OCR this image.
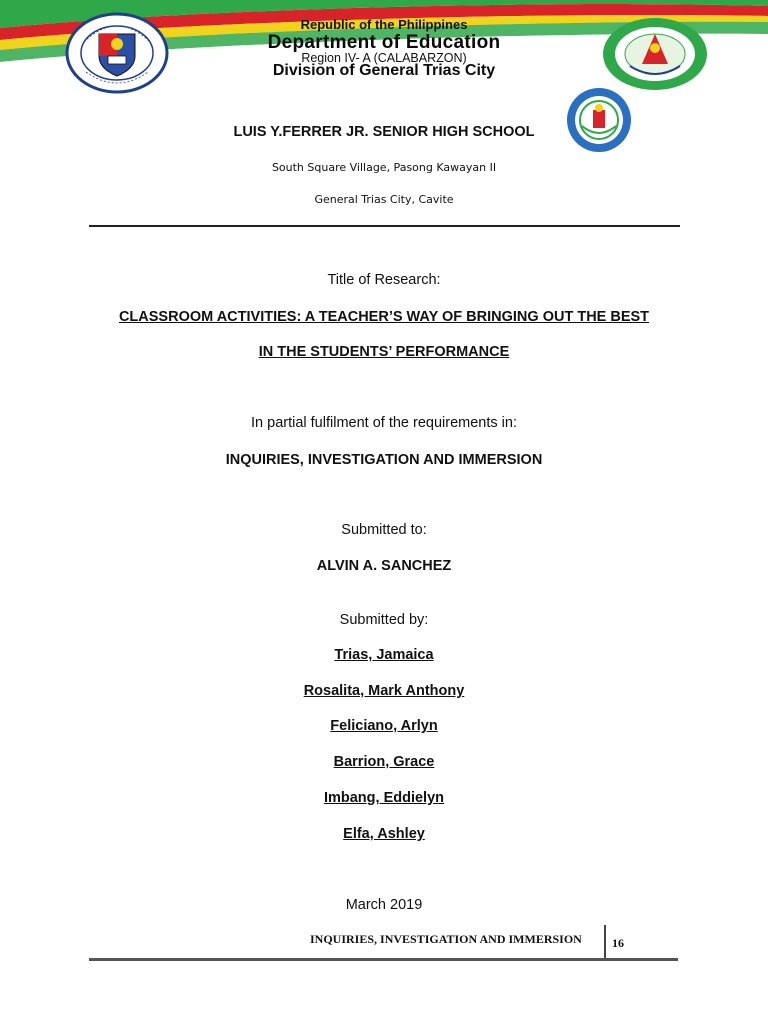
Republic of the Philippines
Department of Education
Region IV- A (CALABARZON)
Division of General Trias City
LUIS Y.FERRER JR. SENIOR HIGH SCHOOL
South Square Village, Pasong Kawayan II
General Trias City, Cavite
Title of Research:
CLASSROOM ACTIVITIES: A TEACHER’S WAY OF BRINGING OUT THE BEST
IN THE STUDENTS’ PERFORMANCE
In partial fulfilment of the requirements in:
INQUIRIES, INVESTIGATION AND IMMERSION
Submitted to:
ALVIN A. SANCHEZ
Submitted by:
Trias, Jamaica
Rosalita, Mark Anthony
Feliciano, Arlyn
Barrion, Grace
Imbang, Eddielyn
Elfa, Ashley
March 2019
INQUIRIES, INVESTIGATION AND IMMERSION	16
